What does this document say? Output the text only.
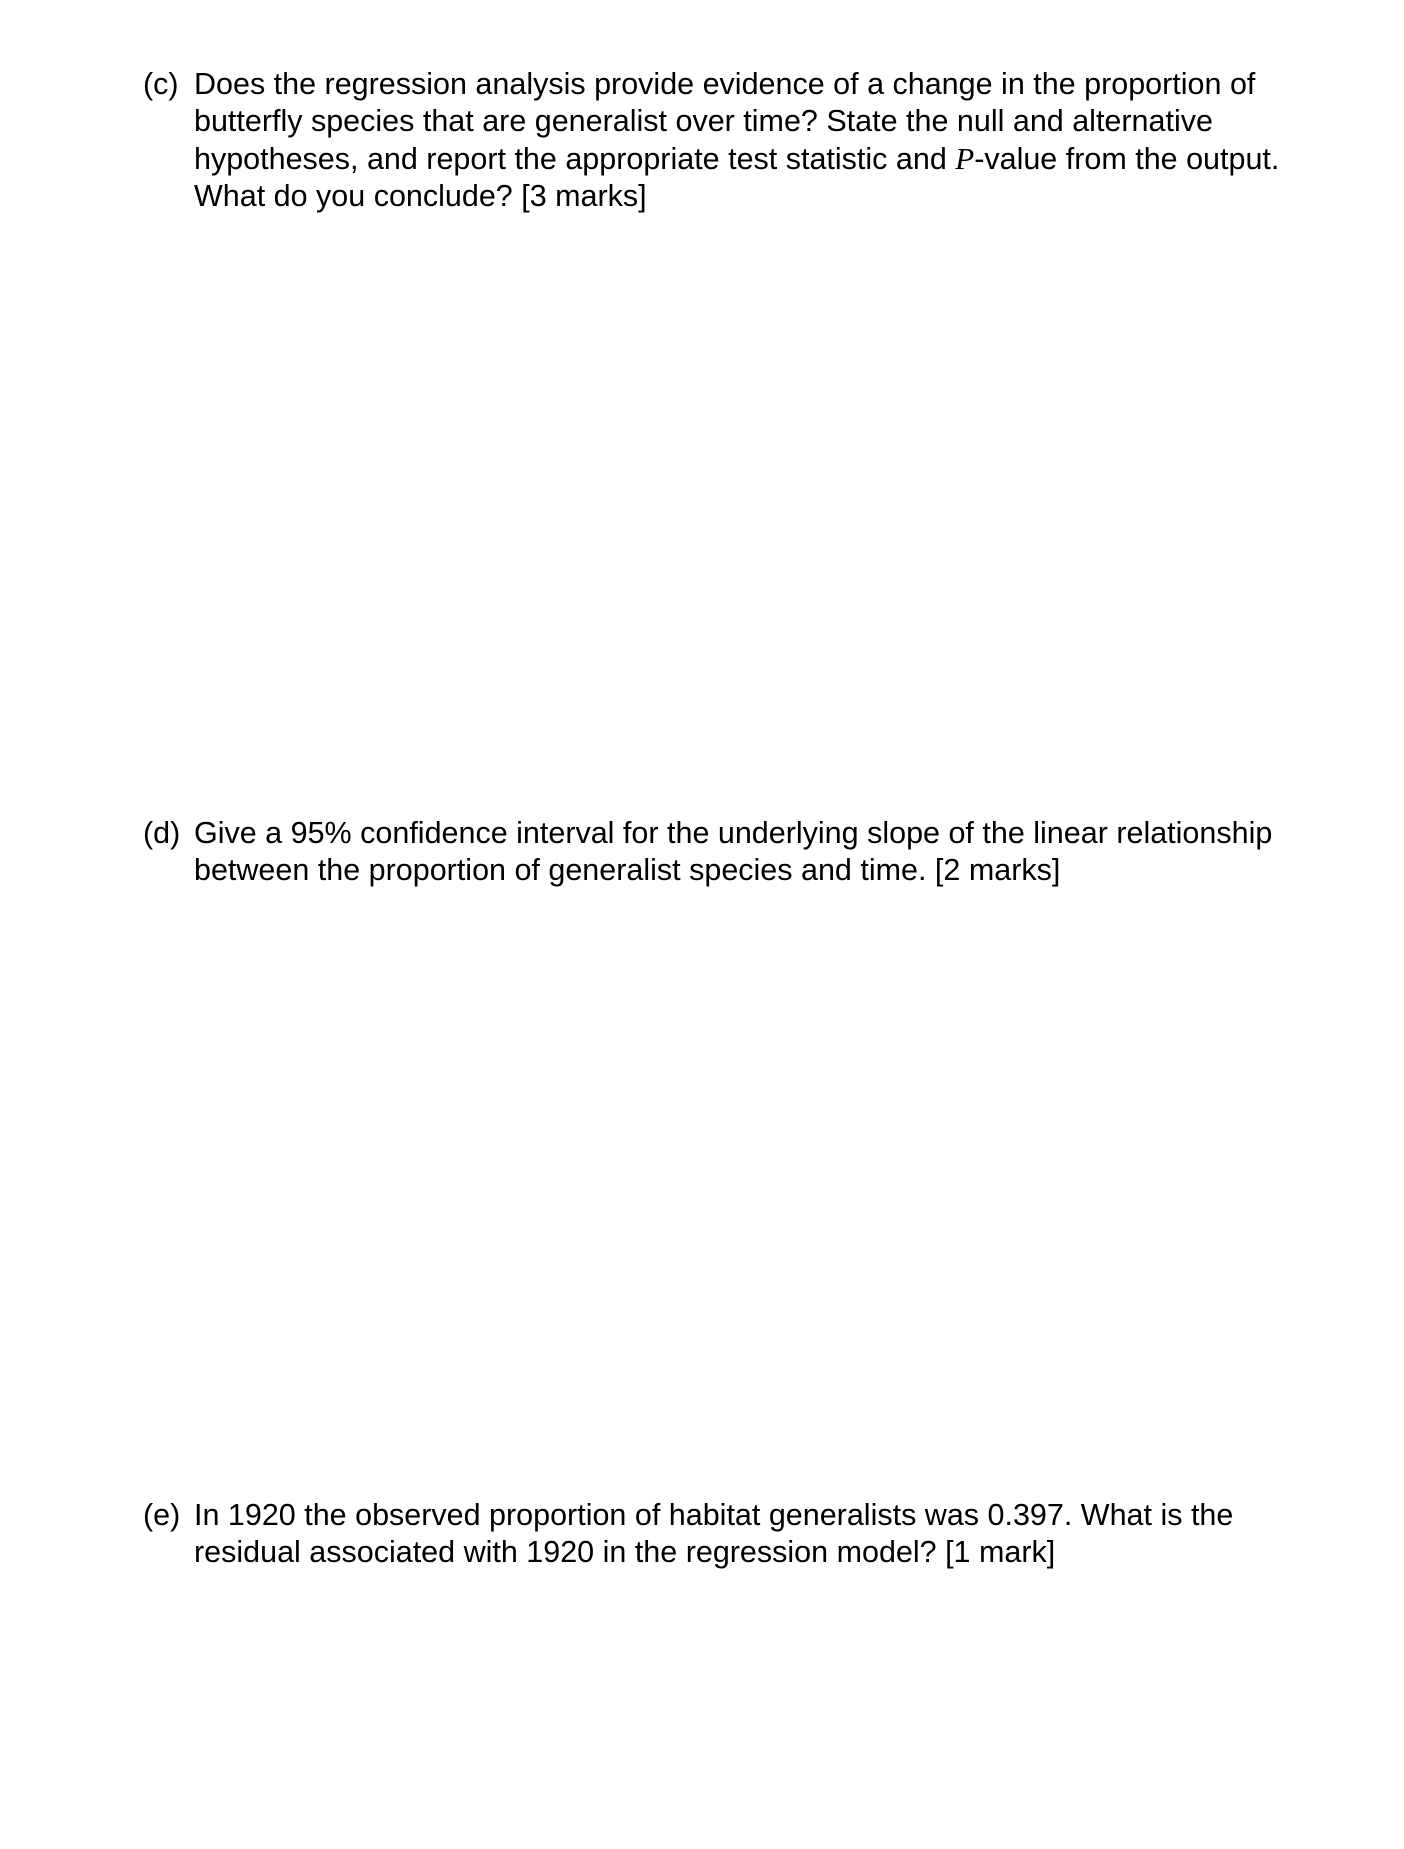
(c) Does the regression analysis provide evidence of a change in the proportion of
butterfly species that are generalist over time? State the null and alternative
hypotheses, and report the appropriate test statistic and P-value from the output.
What do you conclude? [3 marks]
(d) Give a 95% confidence interval for the underlying slope of the linear relationship
between the proportion of generalist species and time. [2 marks]
(e) In 1920 the observed proportion of habitat generalists was 0.397. What is the
residual associated with 1920 in the regression model? [1 mark]
